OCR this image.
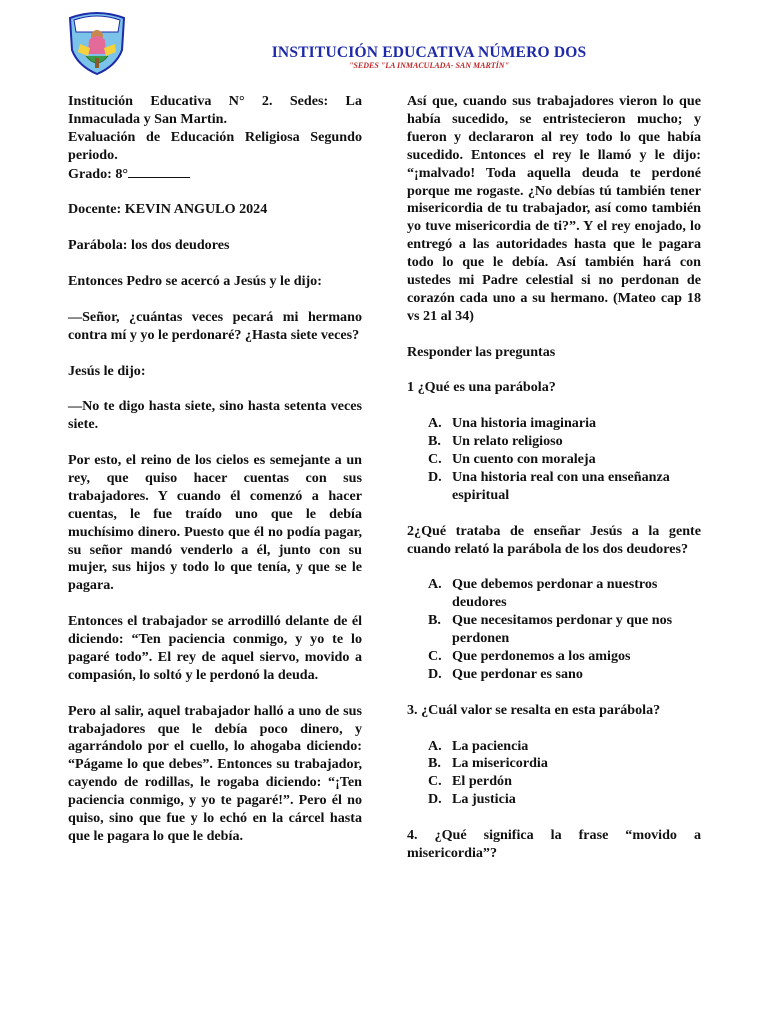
INSTITUCIÓN EDUCATIVA NÚMERO DOS
"SEDES "LA INMACULADA- SAN MARTÍN"

Institución Educativa N° 2. Sedes: La Inmaculada y San Martin.

Evaluación de Educación Religiosa Segundo periodo.

Grado: 8°

Docente: KEVIN ANGULO 2024

Parábola: los dos deudores

Entonces Pedro se acercó a Jesús y le dijo:

—Señor, ¿cuántas veces pecará mi hermano contra mí y yo le perdonaré? ¿Hasta siete veces?

Jesús le dijo:

—No te digo hasta siete, sino hasta setenta veces siete.

Por esto, el reino de los cielos es semejante a un rey, que quiso hacer cuentas con sus trabajadores. Y cuando él comenzó a hacer cuentas, le fue traído uno que le debía muchísimo dinero. Puesto que él no podía pagar, su señor mandó venderlo a él, junto con su mujer, sus hijos y todo lo que tenía, y que se le pagara.

Entonces el trabajador se arrodilló delante de él diciendo: “Ten paciencia conmigo, y yo te lo pagaré todo”. El rey de aquel siervo, movido a compasión, lo soltó y le perdonó la deuda.

Pero al salir, aquel trabajador halló a uno de sus trabajadores que le debía poco dinero, y agarrándolo por el cuello, lo ahogaba diciendo: “Págame lo que debes”. Entonces su trabajador, cayendo de rodillas, le rogaba diciendo: “¡Ten paciencia conmigo, y yo te pagaré!”. Pero él no quiso, sino que fue y lo echó en la cárcel hasta que le pagara lo que le debía.

Así que, cuando sus trabajadores vieron lo que había sucedido, se entristecieron mucho; y fueron y declararon al rey todo lo que había sucedido. Entonces el rey le llamó y le dijo: “¡malvado! Toda aquella deuda te perdoné porque me rogaste. ¿No debías tú también tener misericordia de tu trabajador, así como también yo tuve misericordia de ti?”. Y el rey enojado, lo entregó a las autoridades hasta que le pagara todo lo que le debía. Así también hará con ustedes mi Padre celestial si no perdonan de corazón cada uno a su hermano. (Mateo cap 18 vs 21 al 34)

Responder las preguntas

1 ¿Qué es una parábola?

A. Una historia imaginaria
B. Un relato religioso
C. Un cuento con moraleja
D. Una historia real con una enseñanza espiritual

2¿Qué trataba de enseñar Jesús a la gente cuando relató la parábola de los dos deudores?

A. Que debemos perdonar a nuestros deudores
B. Que necesitamos perdonar y que nos perdonen
C. Que perdonemos a los amigos
D. Que perdonar es sano

3. ¿Cuál valor se resalta en esta parábola?

A. La paciencia
B. La misericordia
C. El perdón
D. La justicia

4. ¿Qué significa la frase “movido a misericordia”?
